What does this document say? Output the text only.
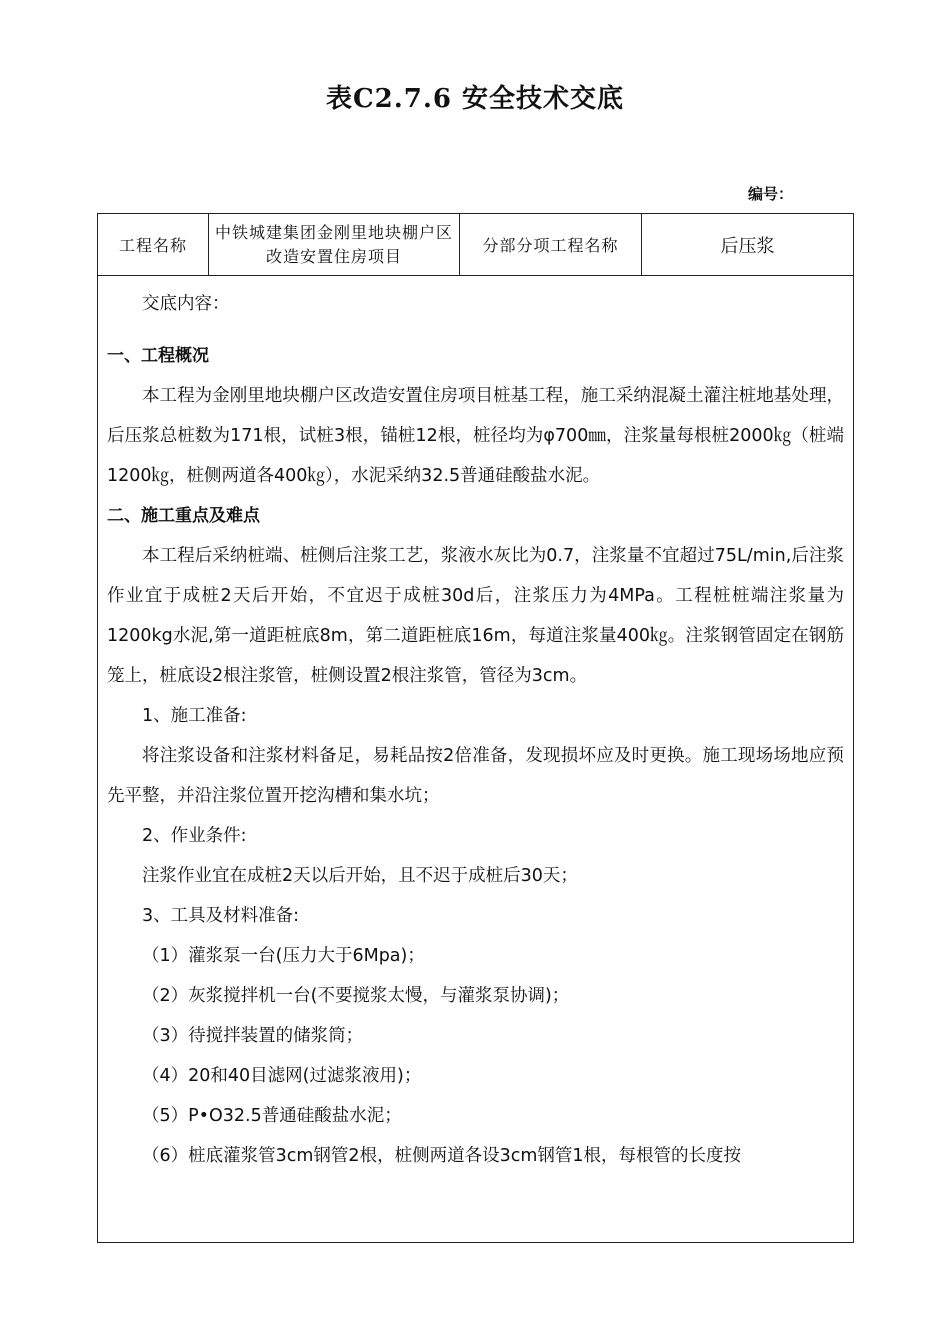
表C2.7.6 安全技术交底
编号：
工程名称
中铁城建集团金刚里地块棚户区改造安置住房项目
分部分项工程名称	后压浆

交底内容：

一、工程概况

本工程为金刚里地块棚户区改造安置住房项目桩基工程，施工采纳混凝土灌注桩地基处理，后压浆总桩数为171根，试桩3根，锚桩12根，桩径均为φ700㎜，注浆量每根桩2000㎏（桩端1200㎏，桩侧两道各400㎏），水泥采纳32.5普通硅酸盐水泥。

二、施工重点及难点

本工程后采纳桩端、桩侧后注浆工艺，浆液水灰比为0.7，注浆量不宜超过75L/min,后注浆作业宜于成桩2天后开始，不宜迟于成桩30d后，注浆压力为4MPa。工程桩桩端注浆量为1200kg水泥,第一道距桩底8m，第二道距桩底16m，每道注浆量400㎏。注浆钢管固定在钢筋笼上，桩底设2根注浆管，桩侧设置2根注浆管，管径为3cm。

1、施工准备:

将注浆设备和注浆材料备足，易耗品按2倍准备，发现损坏应及时更换。施工现场场地应预先平整，并沿注浆位置开挖沟槽和集水坑；

2、作业条件:

注浆作业宜在成桩2天以后开始，且不迟于成桩后30天；

3、工具及材料准备:

（1）灌浆泵一台(压力大于6Mpa)；

（2）灰浆搅拌机一台(不要搅浆太慢，与灌浆泵协调)；

（3）待搅拌装置的储浆筒；

（4）20和40目滤网(过滤浆液用)；

（5）P•O32.5普通硅酸盐水泥；

（6）桩底灌浆管3cm钢管2根，桩侧两道各设3cm钢管1根，每根管的长度按
